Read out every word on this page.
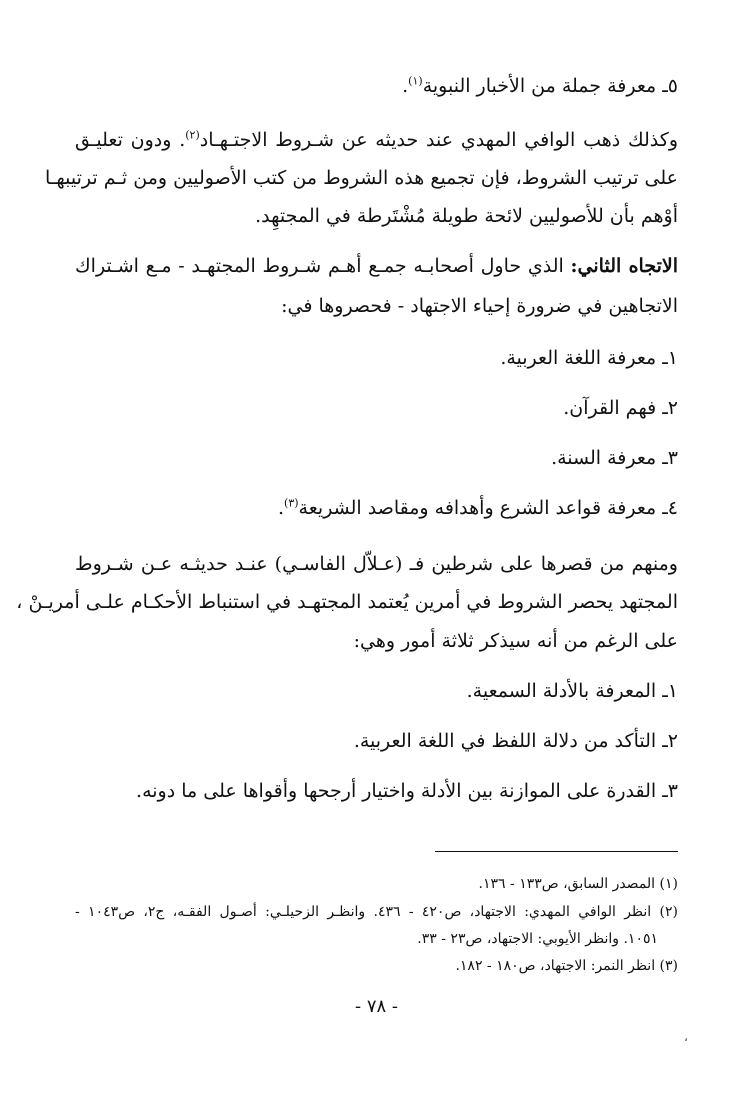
٥ـ معرفة جملة من الأخبار النبوية$^{(١)}$.
وكذلك ذهب الوافي المهدي عند حديثه عن شـروط الاجتـهـاد$^{(٢)}$. ودون تعليـق
على ترتيب الشروط، فإن تجميع هذه الشروط من كتب الأصوليين ومن ثـم ترتيبهـا
أوْهم بأن للأصوليين لائحة طويلة مُشْتَرطة في المجتهِد.
الاتجاه الثاني: الذي حاول أصحابـه جمـع أهـم شـروط المجتهـد - مـع اشـتراك
الاتجاهين في ضرورة إحياء الاجتهاد - فحصروها في:
١ـ معرفة اللغة العربية.
٢ـ فهم القرآن.
٣ـ معرفة السنة.
٤ـ معرفة قواعد الشرع وأهدافه ومقاصد الشريعة$^{(٣)}$.
ومنهم من قصرها على شرطين فـ (عـلاّل الفاسـي) عنـد حديثـه عـن شـروط
المجتهد يحصر الشروط في أمرين يُعتمد المجتهـد في استنباط الأحكـام علـى أمريـنْ ،
على الرغم من أنه سيذكر ثلاثة أمور وهي:
١ـ المعرفة بالأدلة السمعية.
٢ـ التأكد من دلالة اللفظ في اللغة العربية.
٣ـ القدرة على الموازنة بين الأدلة واختيار أرجحها وأقواها على ما دونه.
(١) المصدر السابق، ص١٣٣ - ١٣٦.
(٢) انظر الوافي المهدي: الاجتهاد، ص٤٢٠ - ٤٣٦. وانظـر الزحيلـي: أصـول الفقـه، ج٢، ص١٠٤٣ -
١٠٥١. وانظر الأيوبي: الاجتهاد، ص٢٣ - ٣٣.
(٣) انظر النمر: الاجتهاد، ص١٨٠ - ١٨٢.
- ٧٨ -
،
